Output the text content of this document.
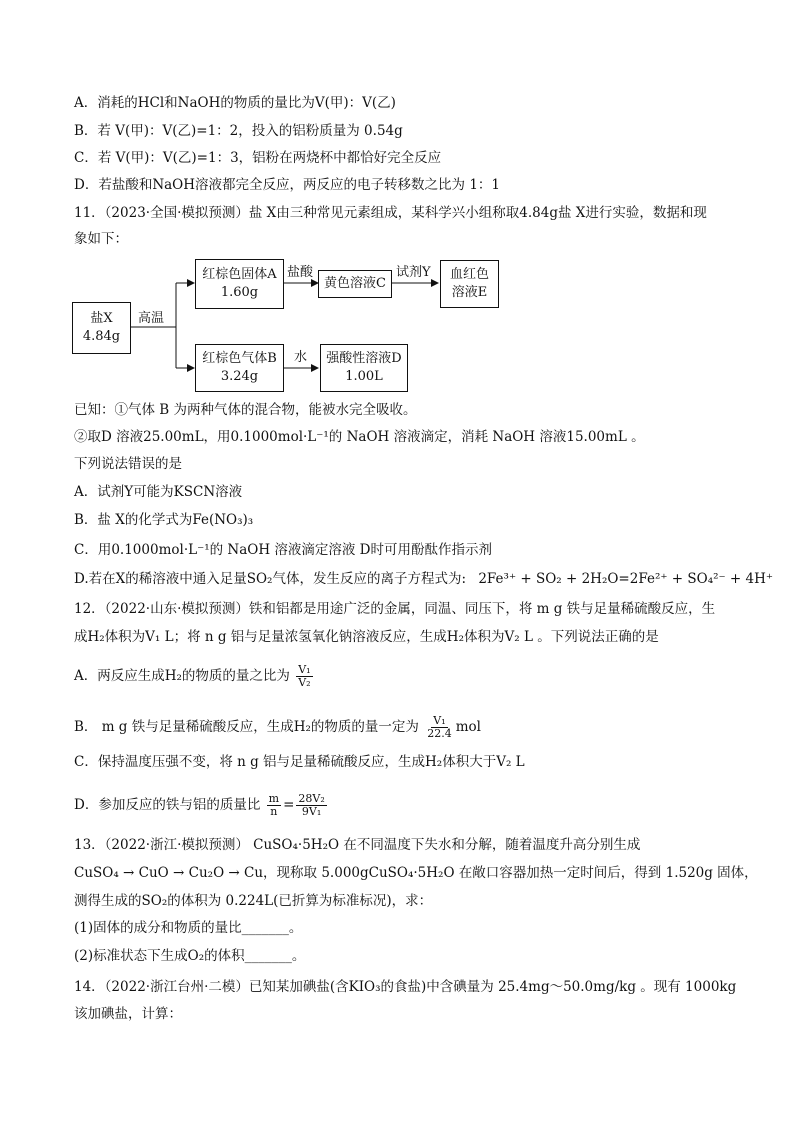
A．消耗的HCl和NaOH的物质的量比为V(甲)：V(乙)
B．若 V(甲)：V(乙)=1：2，投入的铝粉质量为 0.54g
C．若 V(甲)：V(乙)=1：3，铝粉在两烧杯中都恰好完全反应
D．若盐酸和NaOH溶液都完全反应，两反应的电子转移数之比为 1：1
11．（2023·全国·模拟预测）盐 X由三种常见元素组成，某科学兴小组称取4.84g盐 X进行实验，数据和现
象如下：
盐X
4.84g
高温
红棕色固体A
1.60g
盐酸
黄色溶液C
试剂Y 血红色
溶液E
红棕色气体B
3.24g
水 强酸性溶液D
1.00L
已知：①气体 B 为两种气体的混合物，能被水完全吸收。
②取D 溶液25.00mL，用0.1000mol·L⁻¹的 NaOH 溶液滴定，消耗 NaOH 溶液15.00mL 。
下列说法错误的是
A．试剂Y可能为KSCN溶液
B．盐 X的化学式为Fe(NO₃)₃
C．用0.1000mol·L⁻¹的 NaOH 溶液滴定溶液 D时可用酚酞作指示剂
D.若在X的稀溶液中通入足量SO₂气体，发生反应的离子方程式为: 2Fe³⁺ + SO₂ + 2H₂O=2Fe²⁺ + SO₄²⁻ + 4H⁺
12．（2022·山东·模拟预测）铁和铝都是用途广泛的金属，同温、同压下，将 m g 铁与足量稀硫酸反应，生
成H₂体积为V₁ L；将 n g 铝与足量浓氢氧化钠溶液反应，生成H₂体积为V₂ L 。下列说法正确的是
A．两反应生成H₂的物质的量之比为 $\frac{\text{V₁}}{\text{V₂}}$
B． m g 铁与足量稀硫酸反应，生成H₂的物质的量一定为 $\frac{\text{V₁}}{22.4}$ mol
C．保持温度压强不变，将 n g 铝与足量稀硫酸反应，生成H₂体积大于V₂ L
D．参加反应的铁与铝的质量比 $\frac{m}{n} = \frac{\text{28V₂}}{\text{9V₁}}$
13．（2022·浙江·模拟预测） CuSO₄·5H₂O 在不同温度下失水和分解，随着温度升高分别生成
CuSO₄ → CuO → Cu₂O → Cu，现称取 5.000gCuSO₄·5H₂O 在敞口容器加热一定时间后，得到 1.520g 固体，
测得生成的SO₂的体积为 0.224L(已折算为标准标况)，求：
(1)固体的成分和物质的量比_______。
(2)标准状态下生成O₂的体积_______。
14．（2022·浙江台州·二模）已知某加碘盐(含KIO₃的食盐)中含碘量为 25.4mg～50.0mg/kg 。现有 1000kg
该加碘盐，计算：
